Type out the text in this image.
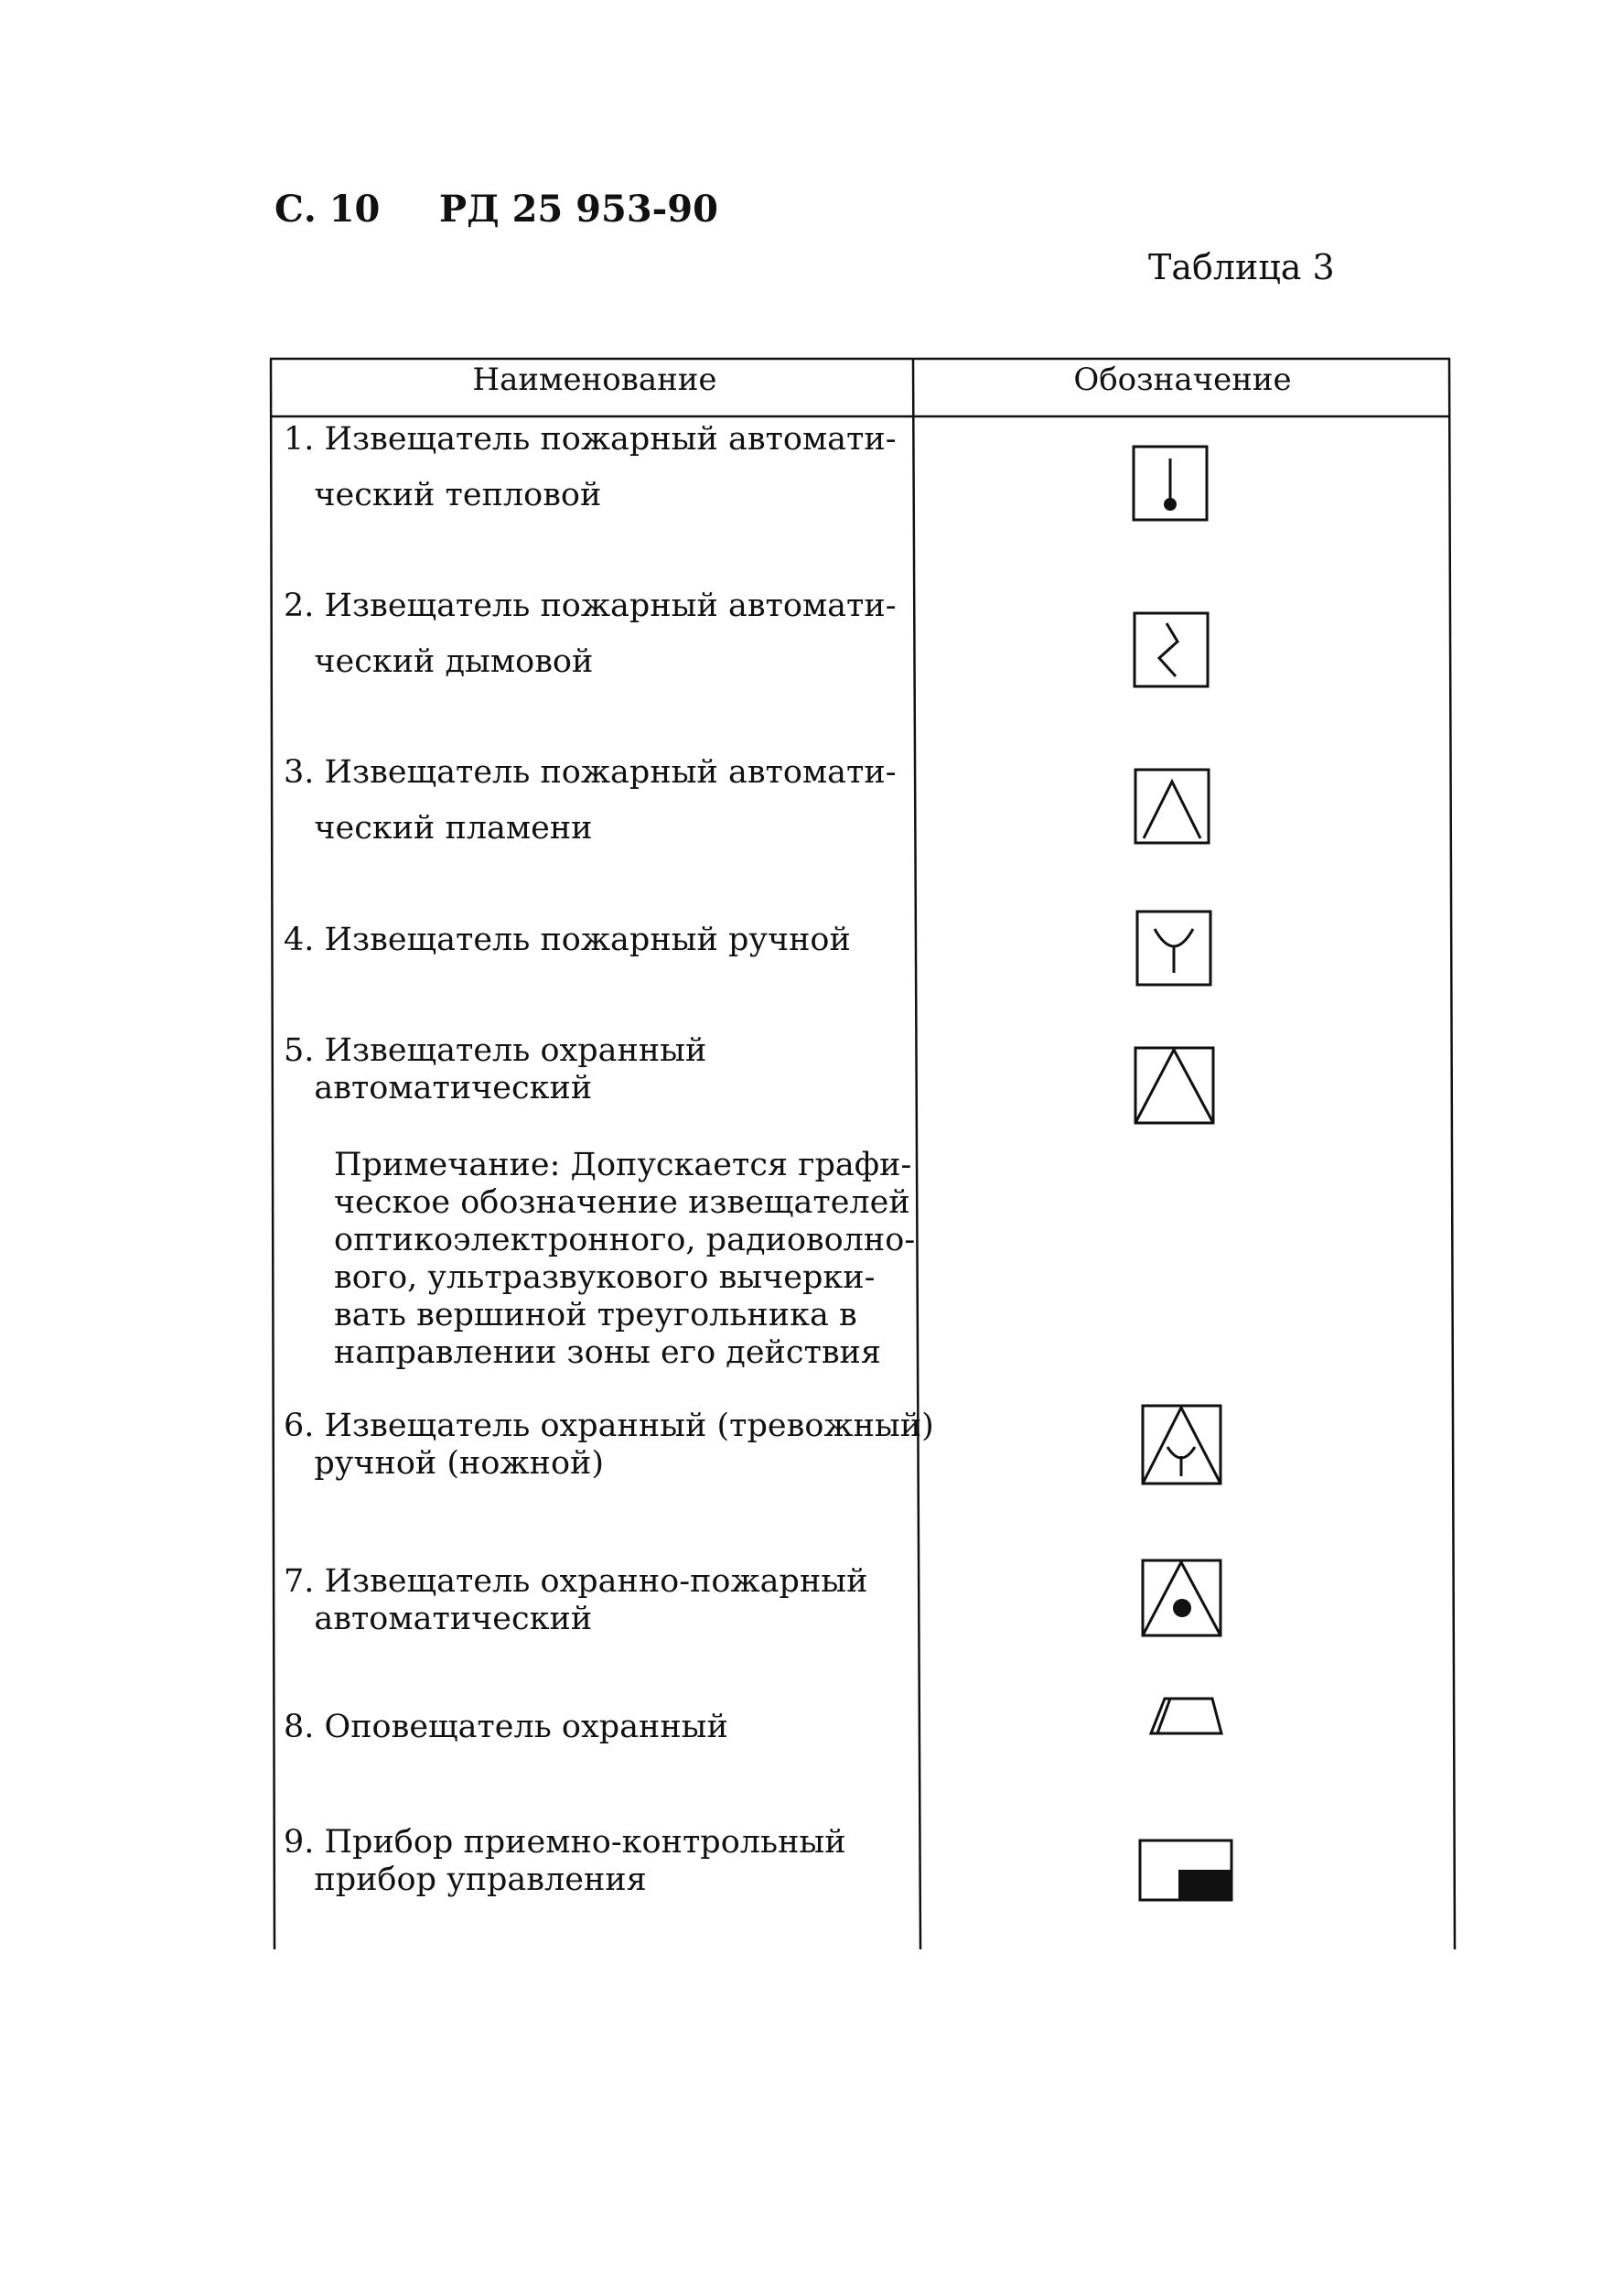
С. 10 РД 25 953-90
Таблица 3
Наименование	Обозначение
1. Извещатель пожарный автомати-
ческий тепловой
2. Извещатель пожарный автомати-
ческий дымовой
3. Извещатель пожарный автомати-
ческий пламени
4. Извещатель пожарный ручной
5. Извещатель охранный
автоматический
Примечание: Допускается графи-
ческое обозначение извещателей
оптикоэлектронного, радиоволно-
вого, ультразвукового вычерки-
вать вершиной треугольника в
направлении зоны его действия
6. Извещатель охранный (тревожный)
ручной (ножной)
7. Извещатель охранно-пожарный
автоматический
8. Оповещатель охранный
9. Прибор приемно-контрольный
прибор управления
